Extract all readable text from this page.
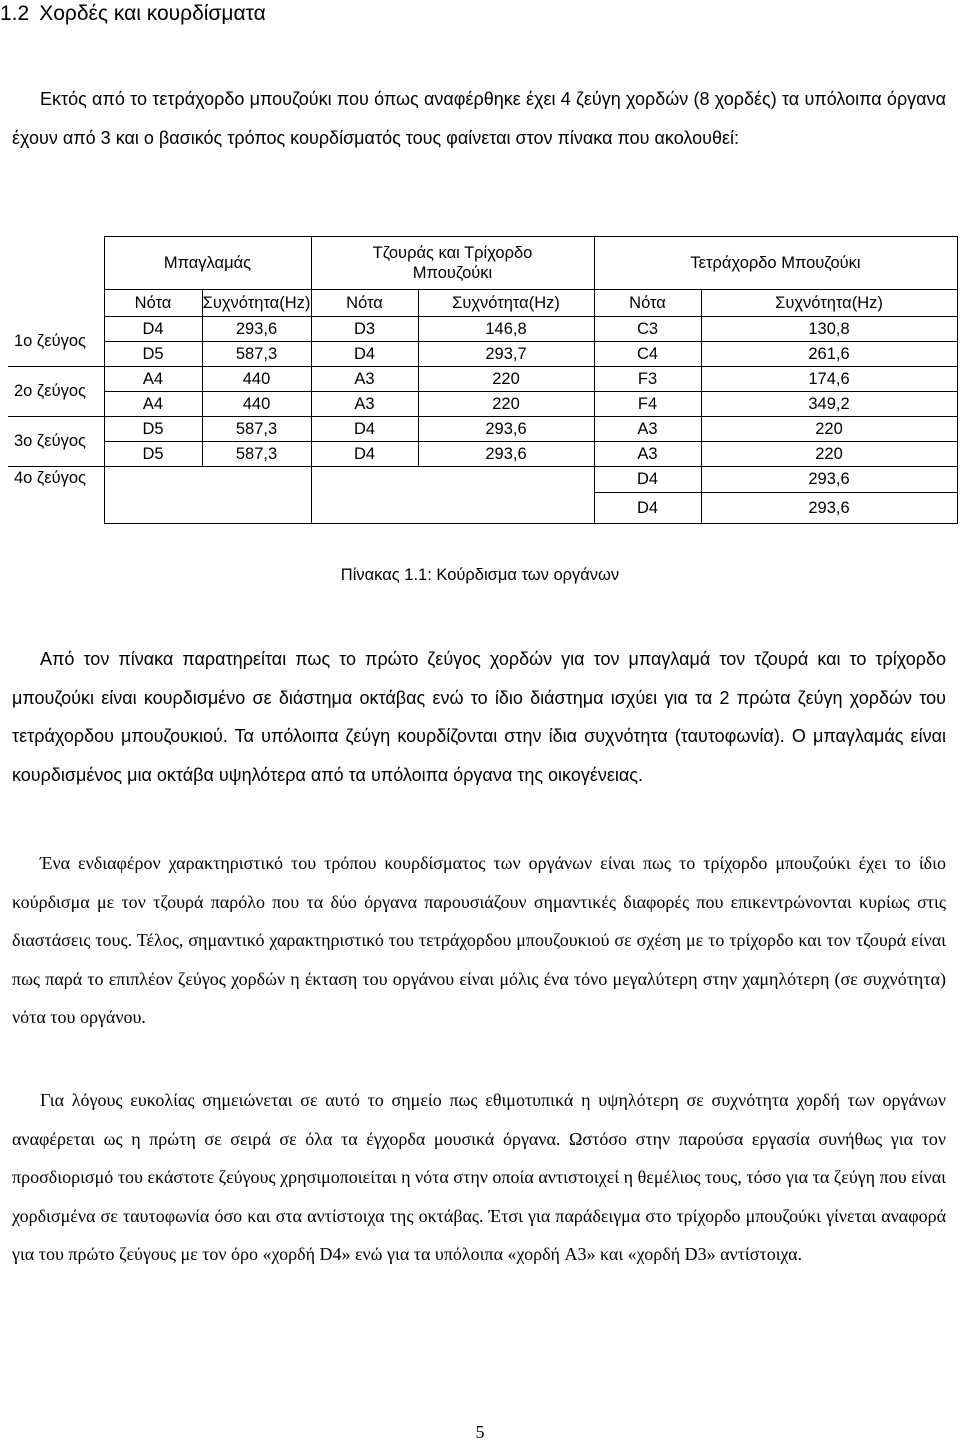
1.2 Χορδές και κουρδίσματα

Εκτός από το τετράχορδο μπουζούκι που όπως αναφέρθηκε έχει 4 ζεύγη χορδών (8 χορδές) τα υπόλοιπα όργανα έχουν από 3 και ο βασικός τρόπος κουρδίσματός τους φαίνεται στον πίνακα που ακολουθεί:

	Μπαγλαμάς		Τζουράς και Τρίχορδο
Μπουζούκι		Τετράχορδο Μπουζούκι	
	Νότα	Συχνότητα(Hz)	Νότα	Συχνότητα(Hz)	Νότα	Συχνότητα(Hz)
1ο ζεύγος	D4	293,6	D3	146,8	C3	130,8
	D5	587,3	D4	293,7	C4	261,6
2ο ζεύγος	A4	440	A3	220	F3	174,6
	A4	440	A3	220	F4	349,2
3ο ζεύγος	D5	587,3	D4	293,6	A3	220
	D5	587,3	D4	293,6	A3	220
4ο ζεύγος					D4	293,6
					D4	293,6

Πίνακας 1.1: Κούρδισμα των οργάνων

Από τον πίνακα παρατηρείται πως το πρώτο ζεύγος χορδών για τον μπαγλαμά τον τζουρά και το τρίχορδο μπουζούκι είναι κουρδισμένο σε διάστημα οκτάβας ενώ το ίδιο διάστημα ισχύει για τα 2 πρώτα ζεύγη χορδών του τετράχορδου μπουζουκιού. Τα υπόλοιπα ζεύγη κουρδίζονται στην ίδια συχνότητα (ταυτοφωνία). Ο μπαγλαμάς είναι κουρδισμένος μια οκτάβα υψηλότερα από τα υπόλοιπα όργανα της οικογένειας.

Ένα ενδιαφέρον χαρακτηριστικό του τρόπου κουρδίσματος των οργάνων είναι πως το τρίχορδο μπουζούκι έχει το ίδιο κούρδισμα με τον τζουρά παρόλο που τα δύο όργανα παρουσιάζουν σημαντικές διαφορές που επικεντρώνονται κυρίως στις διαστάσεις τους. Τέλος, σημαντικό χαρακτηριστικό του τετράχορδου μπουζουκιού σε σχέση με το τρίχορδο και τον τζουρά είναι πως παρά το επιπλέον ζεύγος χορδών η έκταση του οργάνου είναι μόλις ένα τόνο μεγαλύτερη στην χαμηλότερη (σε συχνότητα) νότα του οργάνου.

Για λόγους ευκολίας σημειώνεται σε αυτό το σημείο πως εθιμοτυπικά η υψηλότερη σε συχνότητα χορδή των οργάνων αναφέρεται ως η πρώτη σε σειρά σε όλα τα έγχορδα μουσικά όργανα. Ωστόσο στην παρούσα εργασία συνήθως για τον προσδιορισμό του εκάστοτε ζεύγους χρησιμοποιείται η νότα στην οποία αντιστοιχεί η θεμέλιος τους, τόσο για τα ζεύγη που είναι χορδισμένα σε ταυτοφωνία όσο και στα αντίστοιχα της οκτάβας. Έτσι για παράδειγμα στο τρίχορδο μπουζούκι γίνεται αναφορά για του πρώτο ζεύγους με τον όρο «χορδή D4» ενώ για τα υπόλοιπα «χορδή A3» και «χορδή D3» αντίστοιχα.

5
